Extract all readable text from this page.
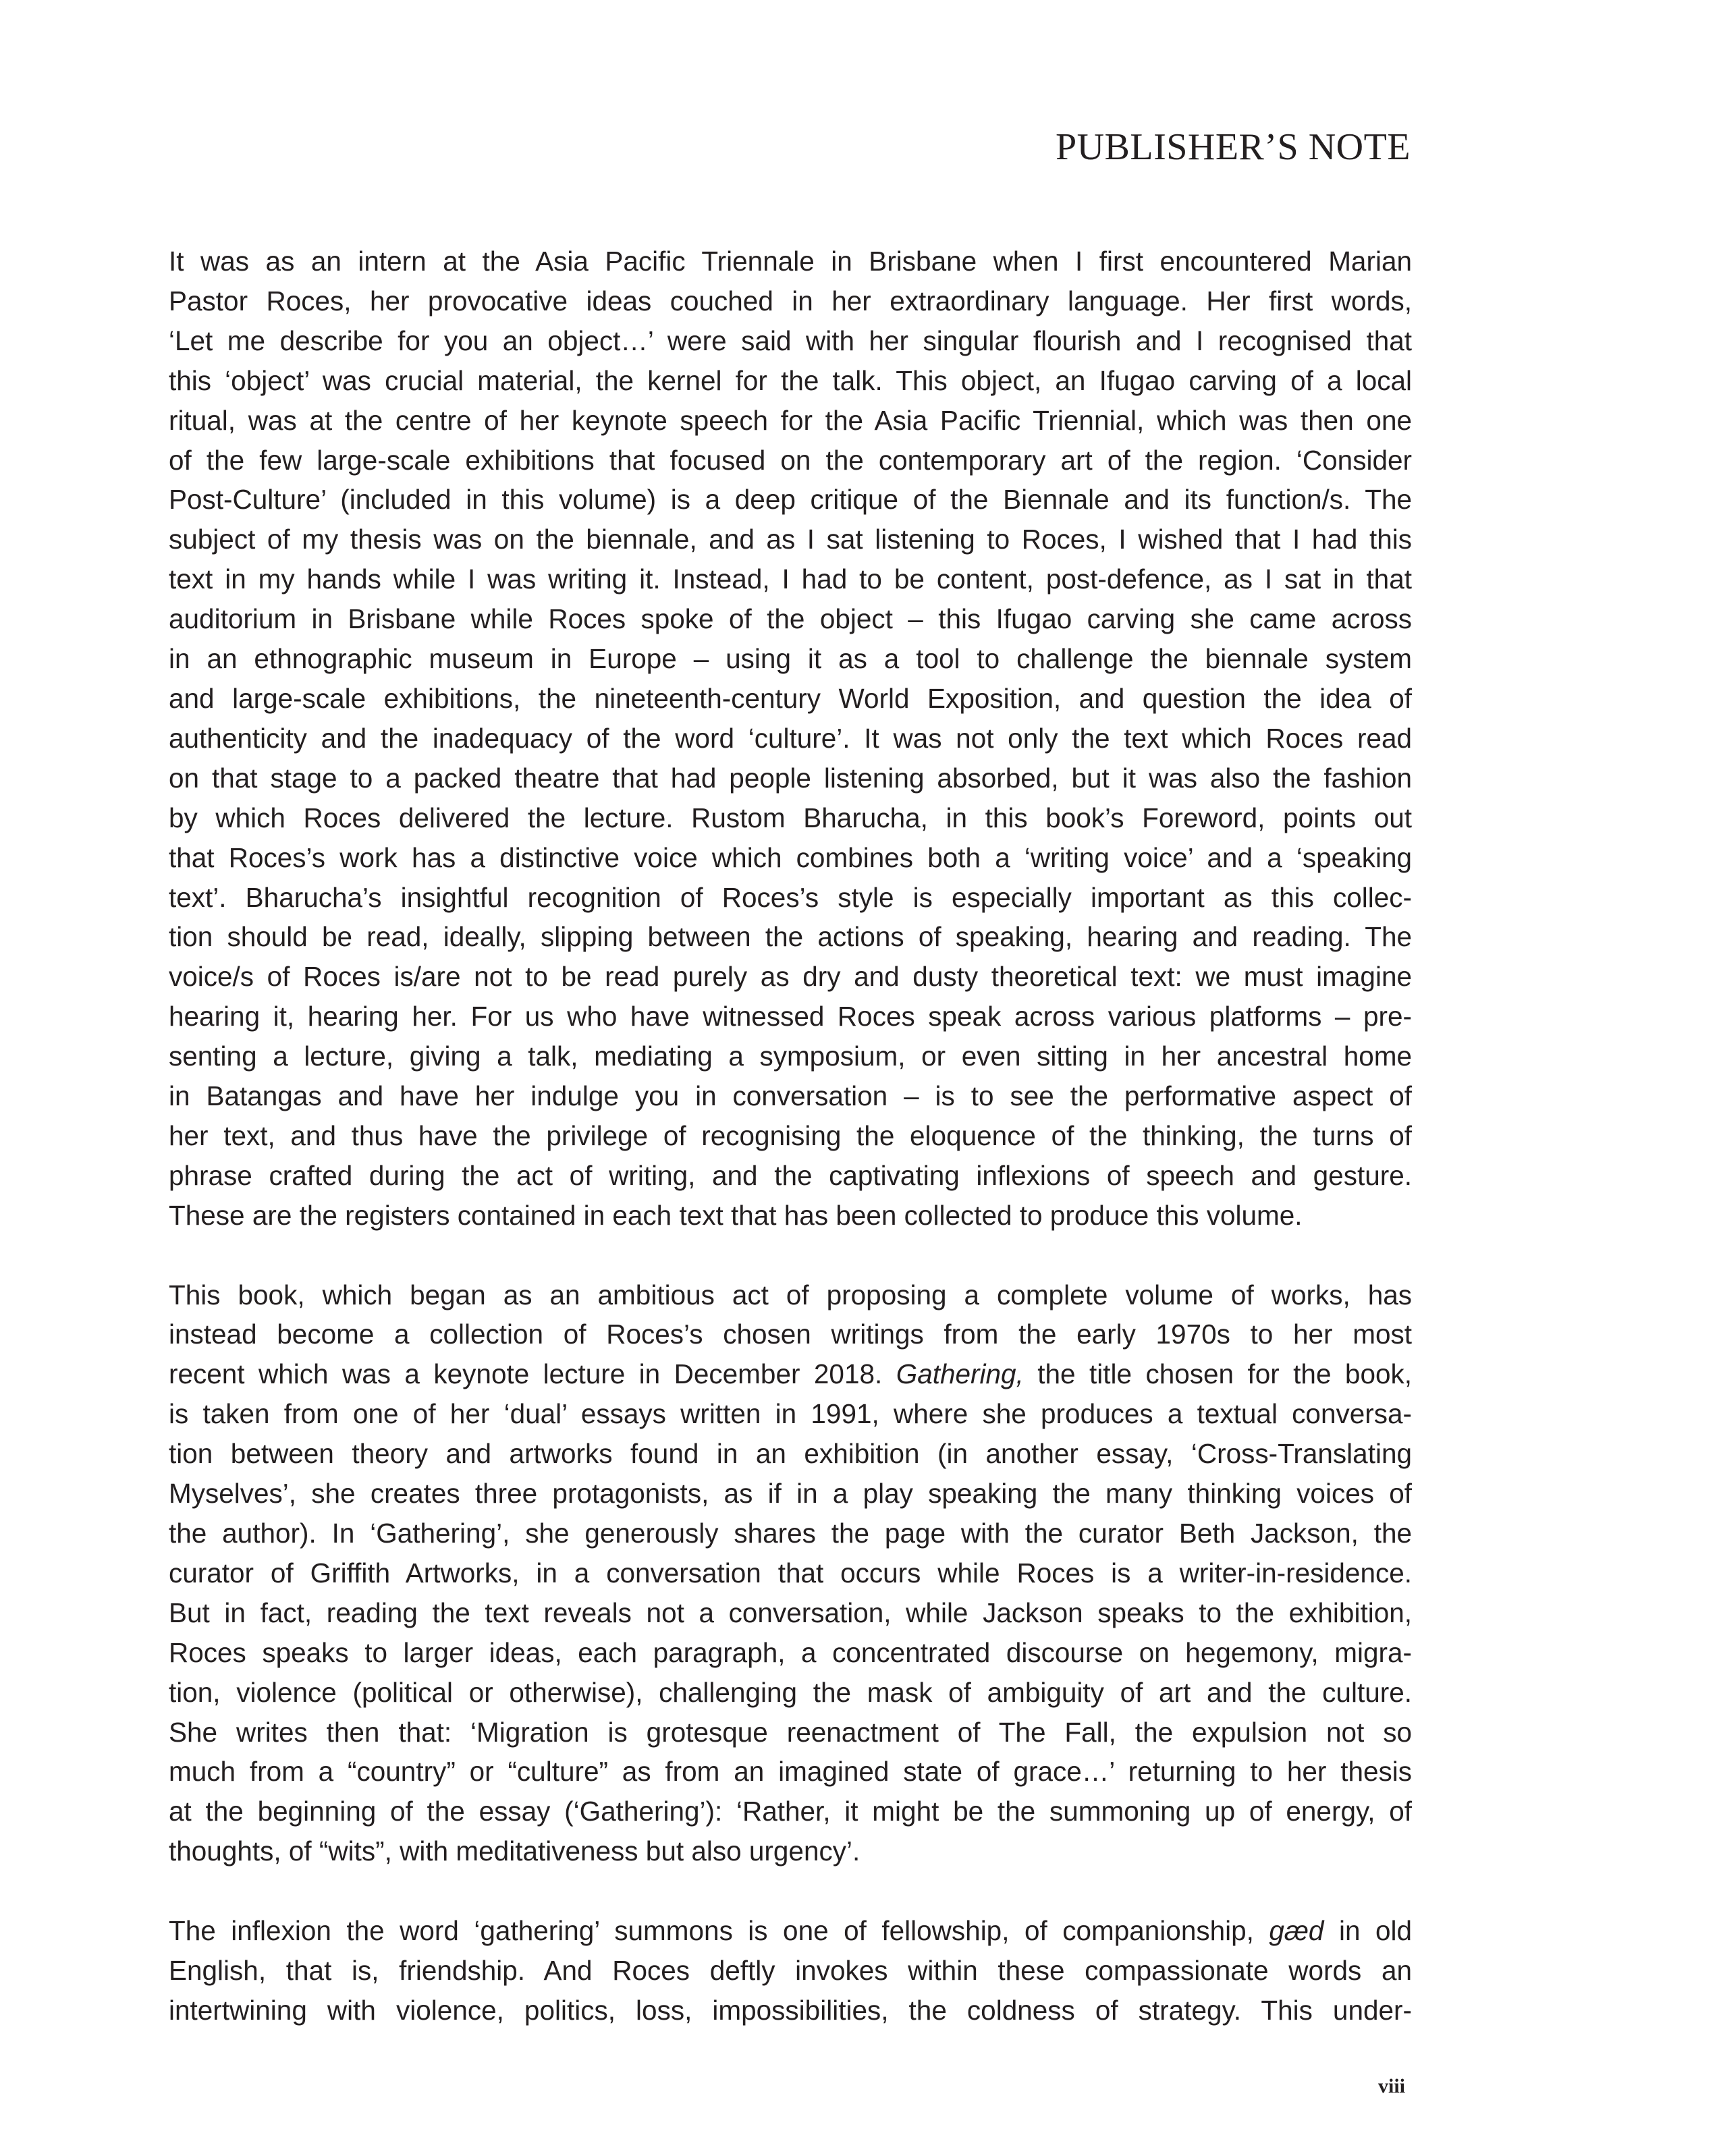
PUBLISHER’S NOTE
It was as an intern at the Asia Pacific Triennale in Brisbane when I first encountered Marian
Pastor Roces, her provocative ideas couched in her extraordinary language. Her first words,
‘Let me describe for you an object…’ were said with her singular flourish and I recognised that
this ‘object’ was crucial material, the kernel for the talk. This object, an Ifugao carving of a local
ritual, was at the centre of her keynote speech for the Asia Pacific Triennial, which was then one
of the few large-scale exhibitions that focused on the contemporary art of the region. ‘Consider
Post-Culture’ (included in this volume) is a deep critique of the Biennale and its function/s. The
subject of my thesis was on the biennale, and as I sat listening to Roces, I wished that I had this
text in my hands while I was writing it. Instead, I had to be content, post-defence, as I sat in that
auditorium in Brisbane while Roces spoke of the object – this Ifugao carving she came across
in an ethnographic museum in Europe – using it as a tool to challenge the biennale system
and large-scale exhibitions, the nineteenth-century World Exposition, and question the idea of
authenticity and the inadequacy of the word ‘culture’. It was not only the text which Roces read
on that stage to a packed theatre that had people listening absorbed, but it was also the fashion
by which Roces delivered the lecture. Rustom Bharucha, in this book’s Foreword, points out
that Roces’s work has a distinctive voice which combines both a ‘writing voice’ and a ‘speaking
text’. Bharucha’s insightful recognition of Roces’s style is especially important as this collec-
tion should be read, ideally, slipping between the actions of speaking, hearing and reading. The
voice/s of Roces is/are not to be read purely as dry and dusty theoretical text: we must imagine
hearing it, hearing her. For us who have witnessed Roces speak across various platforms – pre-
senting a lecture, giving a talk, mediating a symposium, or even sitting in her ancestral home
in Batangas and have her indulge you in conversation – is to see the performative aspect of
her text, and thus have the privilege of recognising the eloquence of the thinking, the turns of
phrase crafted during the act of writing, and the captivating inflexions of speech and gesture.
These are the registers contained in each text that has been collected to produce this volume.
This book, which began as an ambitious act of proposing a complete volume of works, has
instead become a collection of Roces’s chosen writings from the early 1970s to her most
recent which was a keynote lecture in December 2018. Gathering, the title chosen for the book,
is taken from one of her ‘dual’ essays written in 1991, where she produces a textual conversa-
tion between theory and artworks found in an exhibition (in another essay, ‘Cross-Translating
Myselves’, she creates three protagonists, as if in a play speaking the many thinking voices of
the author). In ‘Gathering’, she generously shares the page with the curator Beth Jackson, the
curator of Griffith Artworks, in a conversation that occurs while Roces is a writer-in-residence.
But in fact, reading the text reveals not a conversation, while Jackson speaks to the exhibition,
Roces speaks to larger ideas, each paragraph, a concentrated discourse on hegemony, migra-
tion, violence (political or otherwise), challenging the mask of ambiguity of art and the culture.
She writes then that: ‘Migration is grotesque reenactment of The Fall, the expulsion not so
much from a “country” or “culture” as from an imagined state of grace…’ returning to her thesis
at the beginning of the essay (‘Gathering’): ‘Rather, it might be the summoning up of energy, of
thoughts, of “wits”, with meditativeness but also urgency’.
The inflexion the word ‘gathering’ summons is one of fellowship, of companionship, gæd in old
English, that is, friendship. And Roces deftly invokes within these compassionate words an
intertwining with violence, politics, loss, impossibilities, the coldness of strategy. This under-
viii
